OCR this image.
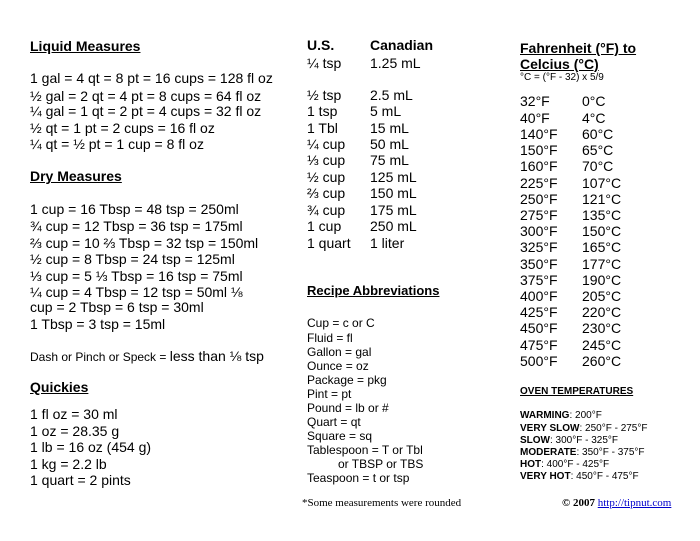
Liquid Measures
1 gal = 4 qt = 8 pt = 16 cups = 128 fl oz
½ gal = 2 qt = 4 pt = 8 cups = 64 fl oz
¼ gal = 1 qt = 2 pt = 4 cups = 32 fl oz
½ qt = 1 pt = 2 cups = 16 fl oz
¼ qt = ½ pt = 1 cup = 8 fl oz
Dry Measures
1 cup = 16 Tbsp = 48 tsp = 250ml
¾ cup = 12 Tbsp = 36 tsp = 175ml
⅔ cup = 10 ⅔ Tbsp = 32 tsp = 150ml
½ cup = 8 Tbsp = 24 tsp = 125ml
⅓ cup = 5 ⅓ Tbsp = 16 tsp = 75ml
¼ cup = 4 Tbsp = 12 tsp = 50ml ⅛
cup = 2 Tbsp = 6 tsp = 30ml
1 Tbsp = 3 tsp = 15ml
Dash or Pinch or Speck = less than ⅛ tsp
Quickies
1 fl oz = 30 ml
1 oz = 28.35 g
1 lb = 16 oz (454 g)
1 kg = 2.2 lb
1 quart = 2 pints
U.S.	Canadian
¼ tsp 1.25 mL
½ tsp 2.5 mL
1 tsp 5 mL
1 Tbl 15 mL
¼ cup 50 mL
⅓ cup 75 mL
½ cup 125 mL
⅔ cup 150 mL
¾ cup 175 mL
1 cup 250 mL
1 quart 1 liter
Recipe Abbreviations
Cup = c or C
Fluid = fl
Gallon = gal
Ounce = oz
Package = pkg
Pint = pt
Pound = lb or #
Quart = qt
Square = sq
Tablespoon = T or Tbl
or TBSP or TBS
Teaspoon = t or tsp
*Some measurements were rounded
Fahrenheit (°F) to
Celcius (°C)
°C = (°F - 32) x 5/9
32°F 0°C
40°F 4°C
140°F 60°C
150°F 65°C
160°F 70°C
225°F 107°C
250°F 121°C
275°F 135°C
300°F 150°C
325°F 165°C
350°F 177°C
375°F 190°C
400°F 205°C
425°F 220°C
450°F 230°C
475°F 245°C
500°F 260°C
OVEN TEMPERATURES
WARMING: 200°F
VERY SLOW: 250°F - 275°F
SLOW: 300°F - 325°F
MODERATE: 350°F - 375°F
HOT: 400°F - 425°F
VERY HOT: 450°F - 475°F
© 2007 http://tipnut.com
